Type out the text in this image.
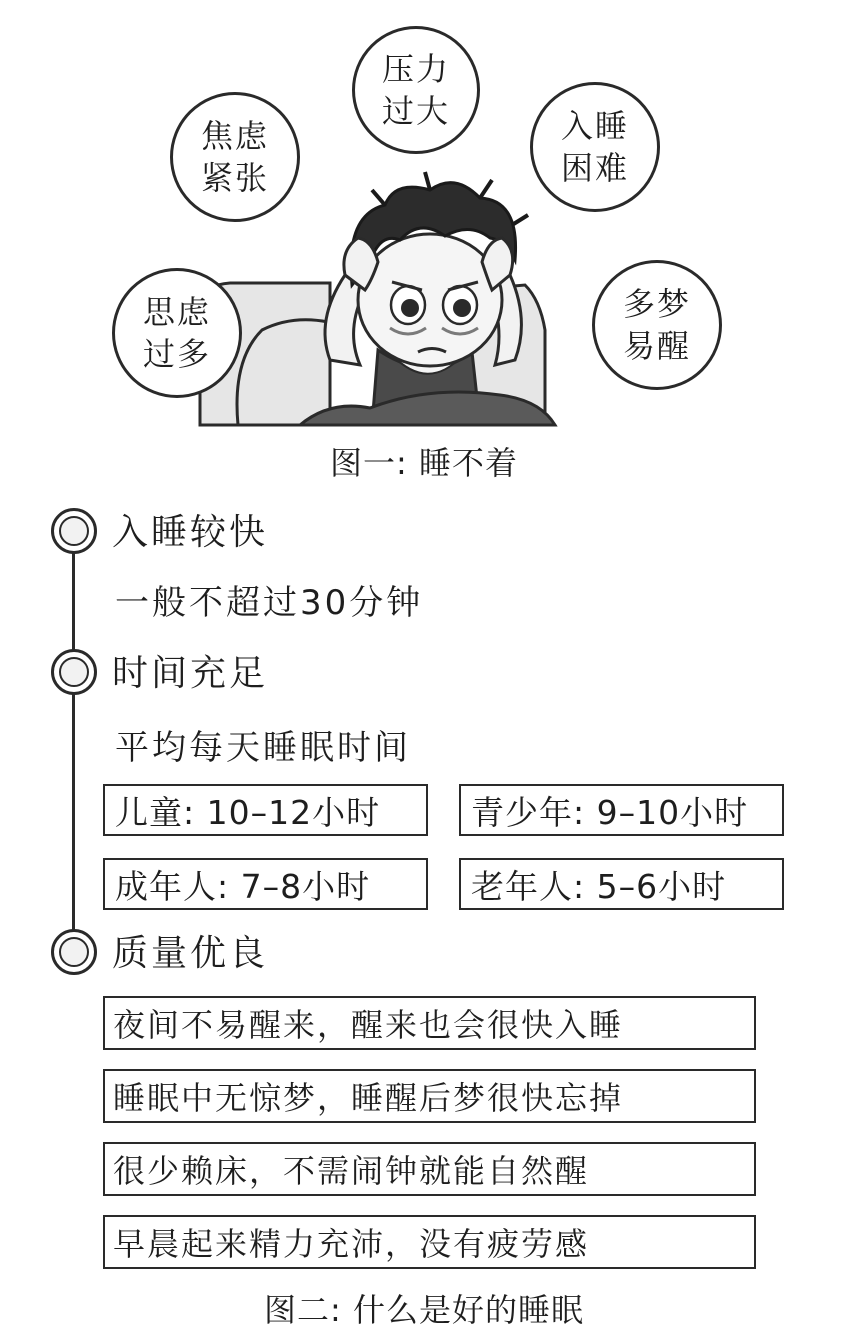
压力
过大
焦虑
紧张
入睡
困难
思虑
过多
多梦
易醒
图一: 睡不着
入睡较快
一般不超过30分钟
时间充足
平均每天睡眠时间
儿童: 10–12小时	青少年: 9–10小时
成年人: 7–8小时	老年人: 5–6小时
质量优良
夜间不易醒来，醒来也会很快入睡
睡眠中无惊梦，睡醒后梦很快忘掉
很少赖床，不需闹钟就能自然醒
早晨起来精力充沛，没有疲劳感
图二: 什么是好的睡眠
